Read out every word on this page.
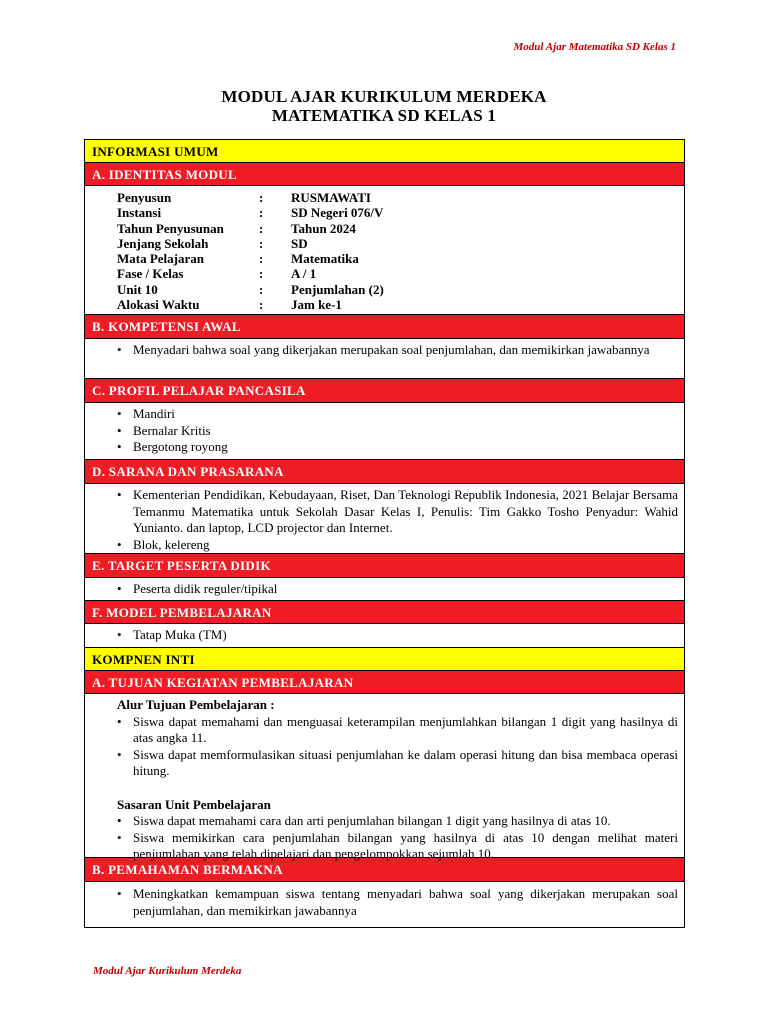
Modul Ajar Matematika SD Kelas 1
MODUL AJAR KURIKULUM MERDEKA
MATEMATIKA SD KELAS 1
INFORMASI UMUM
A. IDENTITAS MODUL
Penyusun	:	RUSMAWATI
Instansi	:	SD Negeri 076/V
Tahun Penyusunan	:	Tahun 2024
Jenjang Sekolah	:	SD
Mata Pelajaran	:	Matematika
Fase / Kelas	:	A / 1
Unit 10	:	Penjumlahan (2)
Alokasi Waktu	:	Jam ke-1
B. KOMPETENSI AWAL
• Menyadari bahwa soal yang dikerjakan merupakan soal penjumlahan, dan memikirkan jawabannya
C. PROFIL PELAJAR PANCASILA
• Mandiri
• Bernalar Kritis
• Bergotong royong
D. SARANA DAN PRASARANA
• Kementerian Pendidikan, Kebudayaan, Riset, Dan Teknologi Republik Indonesia, 2021 Belajar Bersama Temanmu Matematika untuk Sekolah Dasar Kelas I, Penulis: Tim Gakko Tosho Penyadur: Wahid Yunianto. dan laptop, LCD projector dan Internet.
• Blok, kelereng
E. TARGET PESERTA DIDIK
• Peserta didik reguler/tipikal
F. MODEL PEMBELAJARAN
• Tatap Muka (TM)
KOMPNEN INTI
A. TUJUAN KEGIATAN PEMBELAJARAN
Alur Tujuan Pembelajaran :
• Siswa dapat memahami dan menguasai keterampilan menjumlahkan bilangan 1 digit yang hasilnya di atas angka 11.
• Siswa dapat memformulasikan situasi penjumlahan ke dalam operasi hitung dan bisa membaca operasi hitung.
Sasaran Unit Pembelajaran
• Siswa dapat memahami cara dan arti penjumlahan bilangan 1 digit yang hasilnya di atas 10.
• Siswa memikirkan cara penjumlahan bilangan yang hasilnya di atas 10 dengan melihat materi penjumlahan yang telah dipelajari dan pengelompokkan sejumlah 10.
B. PEMAHAMAN BERMAKNA
• Meningkatkan kemampuan siswa tentang menyadari bahwa soal yang dikerjakan merupakan soal penjumlahan, dan memikirkan jawabannya
Modul Ajar Kurikulum Merdeka
